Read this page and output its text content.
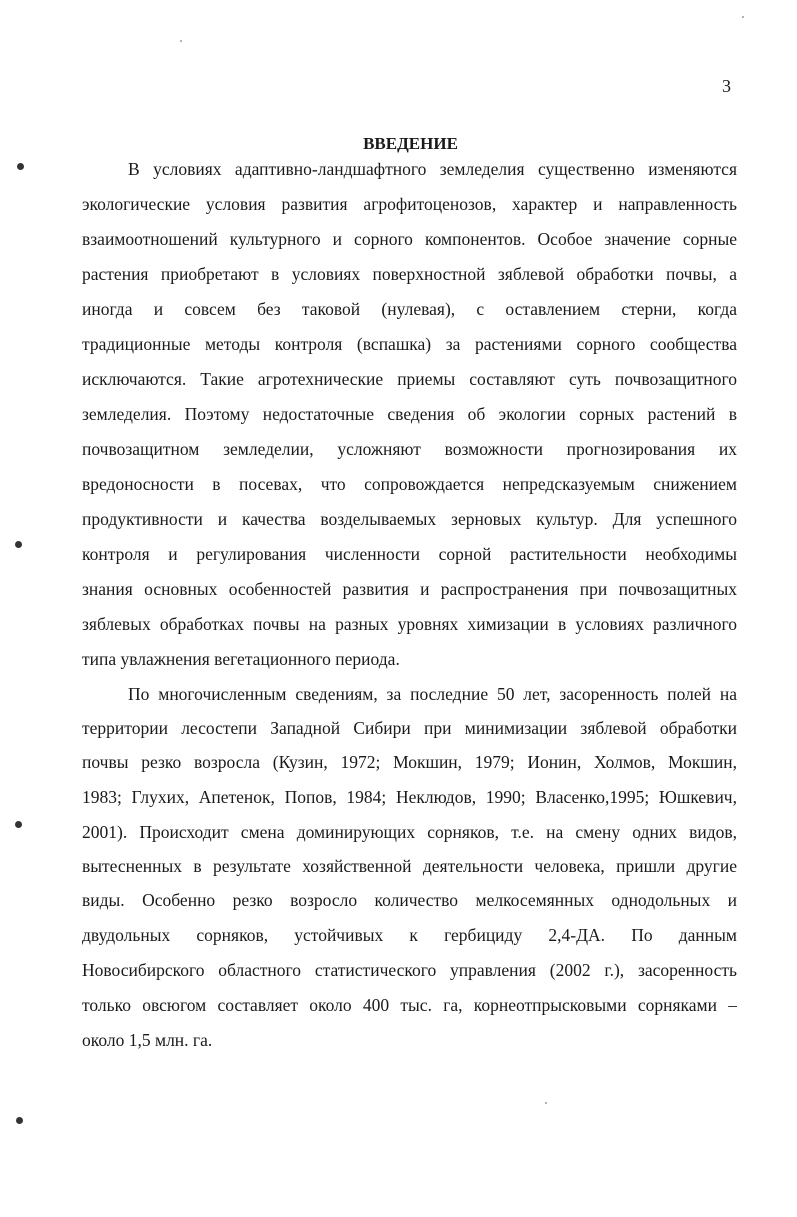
3
ВВЕДЕНИЕ
В условиях адаптивно-ландшафтного земледелия существенно изменяются
экологические условия развития агрофитоценозов, характер и направленность
взаимоотношений культурного и сорного компонентов. Особое значение сорные
растения приобретают в условиях поверхностной зяблевой обработки почвы, а
иногда и совсем без таковой (нулевая), с оставлением стерни, когда
традиционные методы контроля (вспашка) за растениями сорного сообщества
исключаются. Такие агротехнические приемы составляют суть почвозащитного
земледелия. Поэтому недостаточные сведения об экологии сорных растений в
почвозащитном земледелии, усложняют возможности прогнозирования их
вредоносности в посевах, что сопровождается непредсказуемым снижением
продуктивности и качества возделываемых зерновых культур. Для успешного
контроля и регулирования численности сорной растительности необходимы
знания основных особенностей развития и распространения при почвозащитных
зяблевых обработках почвы на разных уровнях химизации в условиях различного
типа увлажнения вегетационного периода.
По многочисленным сведениям, за последние 50 лет, засоренность полей на
территории лесостепи Западной Сибири при минимизации зяблевой обработки
почвы резко возросла (Кузин, 1972; Мокшин, 1979; Ионин, Холмов, Мокшин,
1983; Глухих, Апетенок, Попов, 1984; Неклюдов, 1990; Власенко,1995; Юшкевич,
2001). Происходит смена доминирующих сорняков, т.е. на смену одних видов,
вытесненных в результате хозяйственной деятельности человека, пришли другие
виды. Особенно резко возросло количество мелкосемянных однодольных и
двудольных сорняков, устойчивых к гербициду 2,4-ДА. По данным
Новосибирского областного статистического управления (2002 г.), засоренность
только овсюгом составляет около 400 тыс. га, корнеотпрысковыми сорняками –
около 1,5 млн. га.
